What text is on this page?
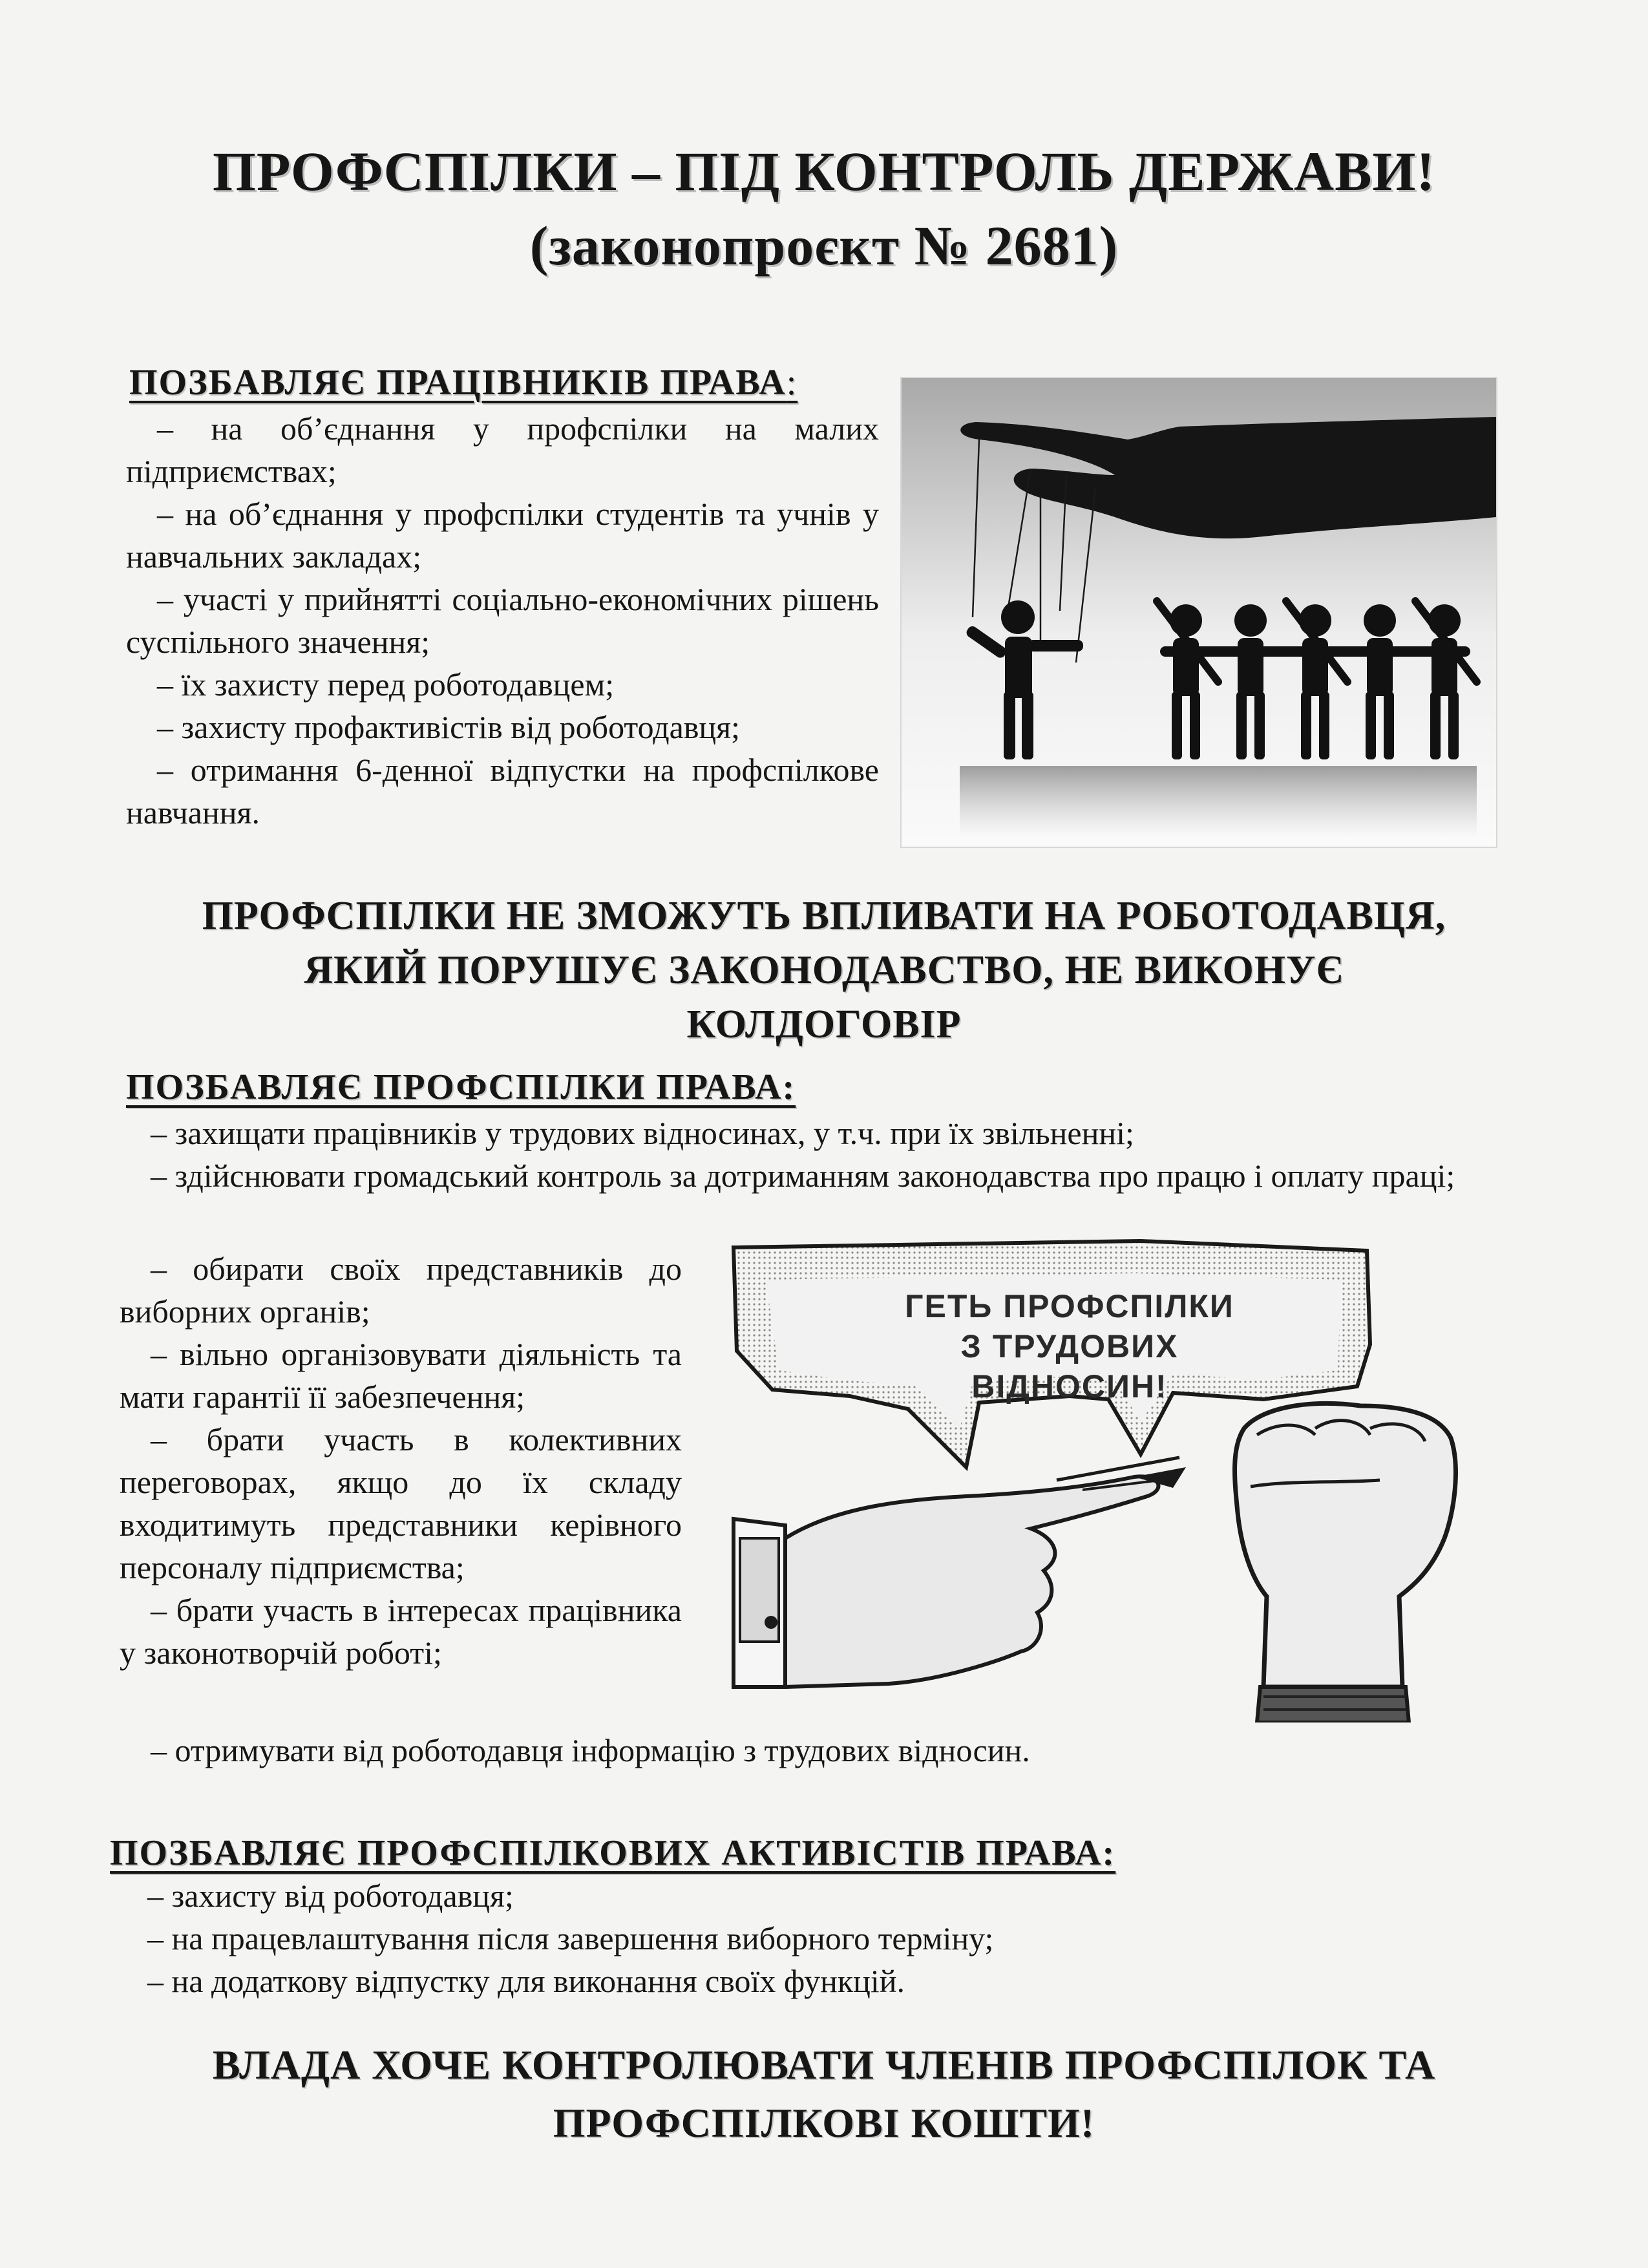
ПРОФСПІЛКИ – ПІД КОНТРОЛЬ ДЕРЖАВИ!
(законопроєкт № 2681)
ПОЗБАВЛЯЄ ПРАЦІВНИКІВ ПРАВА:

– на об’єднання у профспілки на малих підприємствах;

– на об’єднання у профспілки студентів та учнів у навчальних закладах;

– участі у прийнятті соціально-економічних рішень суспільного значення;

– їх захисту перед роботодавцем;

– захисту профактивістів від роботодавця;

– отримання 6-денної відпустки на профспілкове навчання.

ПРОФСПІЛКИ НЕ ЗМОЖУТЬ ВПЛИВАТИ НА РОБОТОДАВЦЯ,
ЯКИЙ ПОРУШУЄ ЗАКОНОДАВСТВО, НЕ ВИКОНУЄ
КОЛДОГОВІР
ПОЗБАВЛЯЄ ПРОФСПІЛКИ ПРАВА:

– захищати працівників у трудових відносинах, у т.ч. при їх звільненні;

– здійснювати громадський контроль за дотриманням законодавства про працю і оплату праці;

– обирати своїх представників до виборних органів;

– вільно організовувати діяльність та мати гарантії її забезпечення;

– брати участь в колективних переговорах, якщо до їх складу входитимуть представники керівного персоналу підприємства;

– брати участь в інтересах працівника у законотворчій роботі;

ГЕТЬ ПРОФСПІЛКИ
З ТРУДОВИХ
ВІДНОСИН!

– отримувати від роботодавця інформацію з трудових відносин.

ПОЗБАВЛЯЄ ПРОФСПІЛКОВИХ АКТИВІСТІВ ПРАВА:

– захисту від роботодавця;

– на працевлаштування після завершення виборного терміну;

– на додаткову відпустку для виконання своїх функцій.

ВЛАДА ХОЧЕ КОНТРОЛЮВАТИ ЧЛЕНІВ ПРОФСПІЛОК ТА
ПРОФСПІЛКОВІ КОШТИ!
